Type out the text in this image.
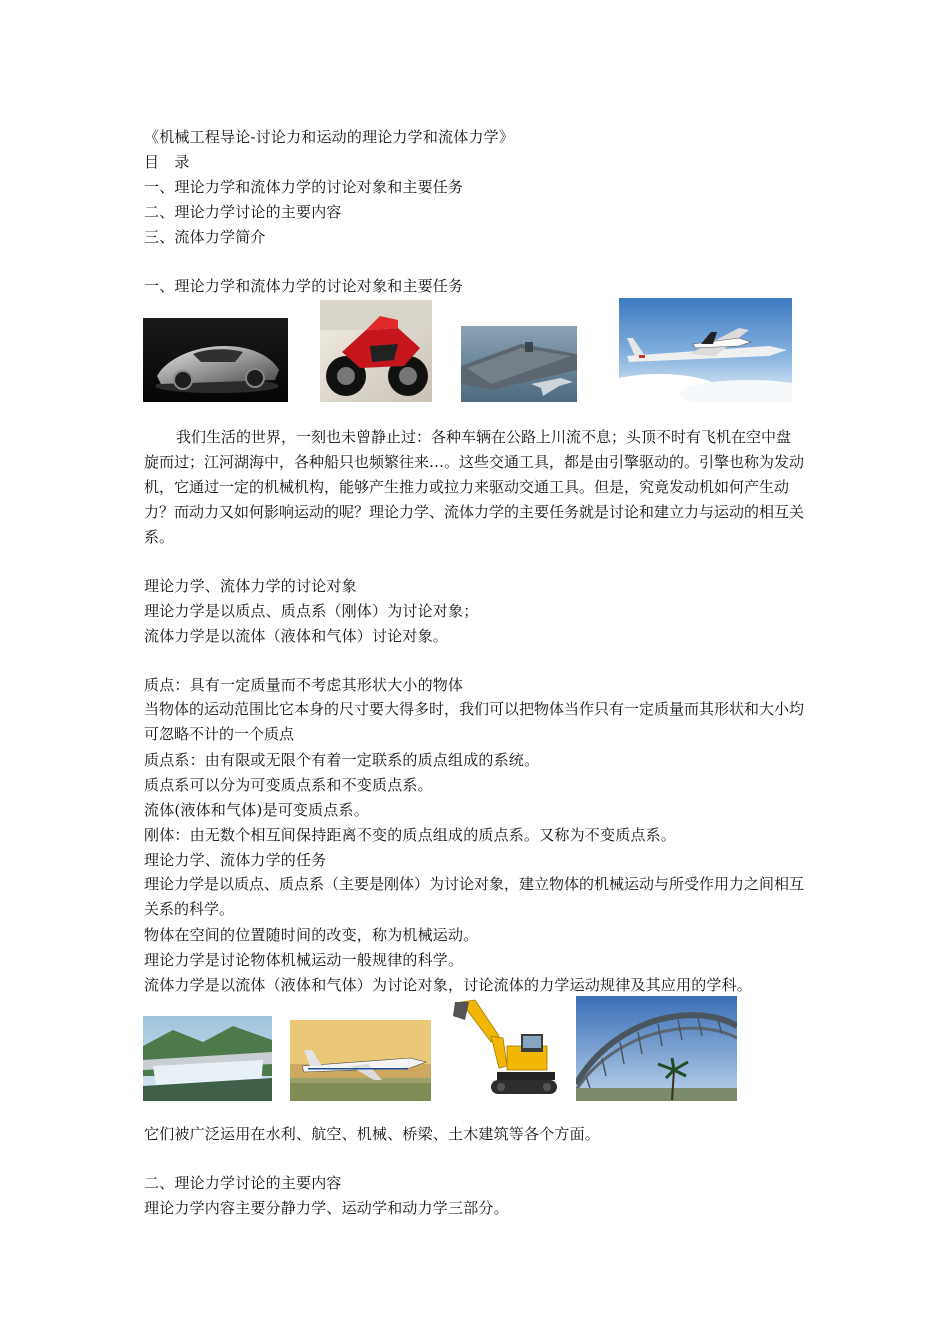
《机械工程导论-讨论力和运动的理论力学和流体力学》
目　录
一、理论力学和流体力学的讨论对象和主要任务
二、理论力学讨论的主要内容
三、流体力学简介
一、理论力学和流体力学的讨论对象和主要任务

我们生活的世界，一刻也未曾静止过：各种车辆在公路上川流不息；头顶不时有飞机在空中盘旋而过；江河湖海中，各种船只也频繁往来…。这些交通工具，都是由引擎驱动的。引擎也称为发动机，它通过一定的机械机构，能够产生推力或拉力来驱动交通工具。但是，究竟发动机如何产生动力？而动力又如何影响运动的呢？理论力学、流体力学的主要任务就是讨论和建立力与运动的相互关系。

理论力学、流体力学的讨论对象
理论力学是以质点、质点系（刚体）为讨论对象；
流体力学是以流体（液体和气体）讨论对象。
质点：具有一定质量而不考虑其形状大小的物体

当物体的运动范围比它本身的尺寸要大得多时，我们可以把物体当作只有一定质量而其形状和大小均可忽略不计的一个质点

质点系：由有限或无限个有着一定联系的质点组成的系统。
质点系可以分为可变质点系和不变质点系。
流体(液体和气体)是可变质点系。
刚体：由无数个相互间保持距离不变的质点组成的质点系。又称为不变质点系。
理论力学、流体力学的任务

理论力学是以质点、质点系（主要是刚体）为讨论对象，建立物体的机械运动与所受作用力之间相互关系的科学。

物体在空间的位置随时间的改变，称为机械运动。
理论力学是讨论物体机械运动一般规律的科学。
流体力学是以流体（液体和气体）为讨论对象，讨论流体的力学运动规律及其应用的学科。
它们被广泛运用在水利、航空、机械、桥梁、土木建筑等各个方面。
二、理论力学讨论的主要内容
理论力学内容主要分静力学、运动学和动力学三部分。
